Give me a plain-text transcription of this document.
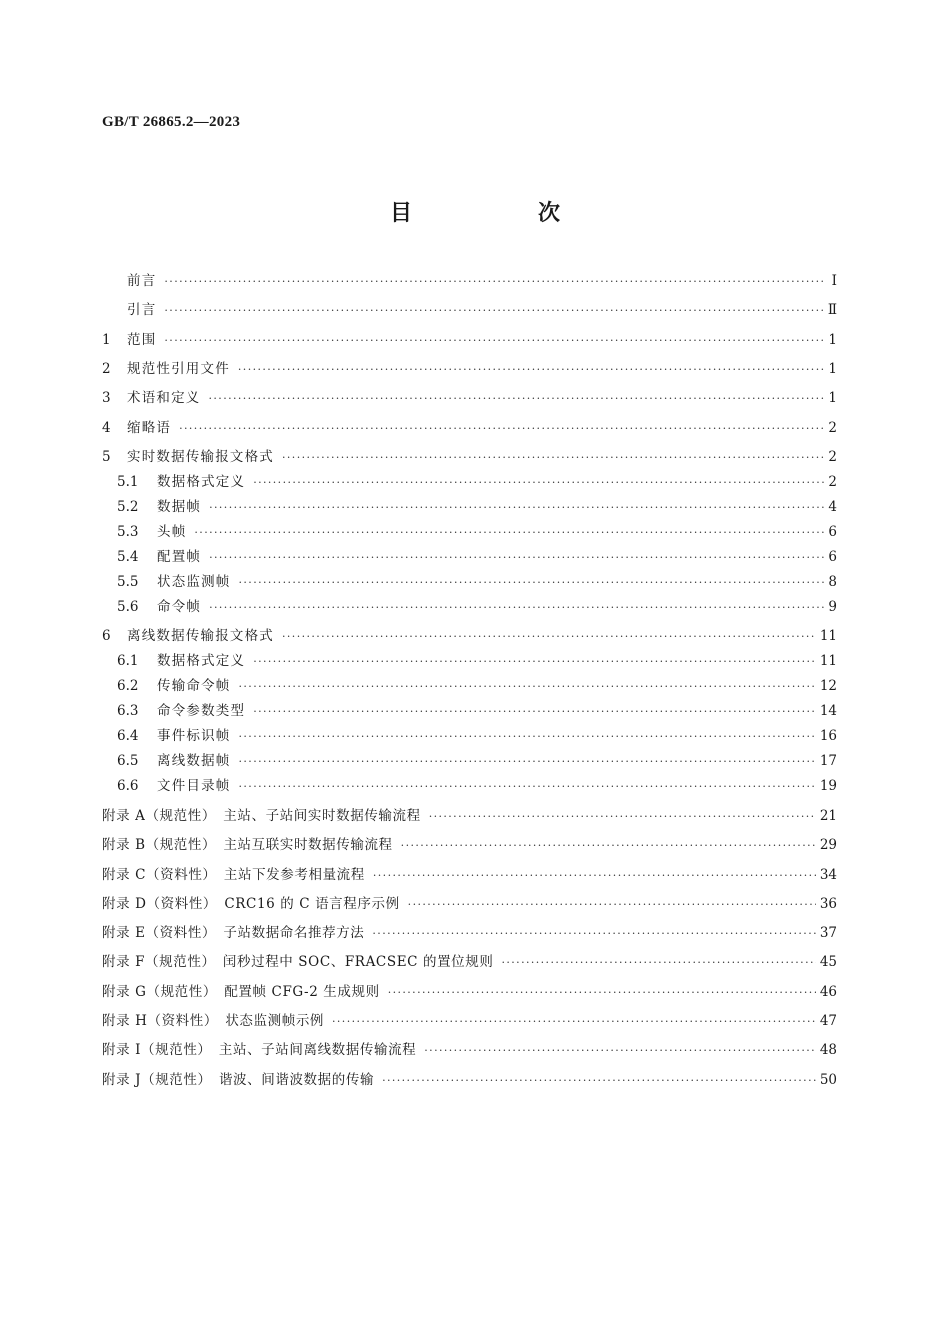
GB/T 26865.2—2023
目　次
前言 ·····	Ⅰ
引言 ·····	Ⅱ
1	范围 ·····	1
2	规范性引用文件 ·····	1
3	术语和定义 ·····	1
4	缩略语 ·····	2
5	实时数据传输报文格式 ·····	2
5.1	数据格式定义 ·····	2
5.2	数据帧 ·····	4
5.3	头帧 ·····	6
5.4	配置帧 ·····	6
5.5	状态监测帧 ·····	8
5.6	命令帧 ·····	9
6	离线数据传输报文格式 ·····	11
6.1	数据格式定义 ·····	11
6.2	传输命令帧 ·····	12
6.3	命令参数类型 ·····	14
6.4	事件标识帧 ·····	16
6.5	离线数据帧 ·····	17
6.6	文件目录帧 ·····	19
附录 A（规范性）　主站、子站间实时数据传输流程 ·····	21
附录 B（规范性）　主站互联实时数据传输流程 ·····	29
附录 C（资料性）　主站下发参考相量流程 ·····	34
附录 D（资料性）　CRC16 的 C 语言程序示例 ·····	36
附录 E（资料性）　子站数据命名推荐方法 ·····	37
附录 F（规范性）　闰秒过程中 SOC、FRACSEC 的置位规则 ·····	45
附录 G（规范性）　配置帧 CFG-2 生成规则 ·····	46
附录 H（资料性）　状态监测帧示例 ·····	47
附录 I（规范性）　主站、子站间离线数据传输流程 ·····	48
附录 J（规范性）　谐波、间谐波数据的传输 ·····	50
